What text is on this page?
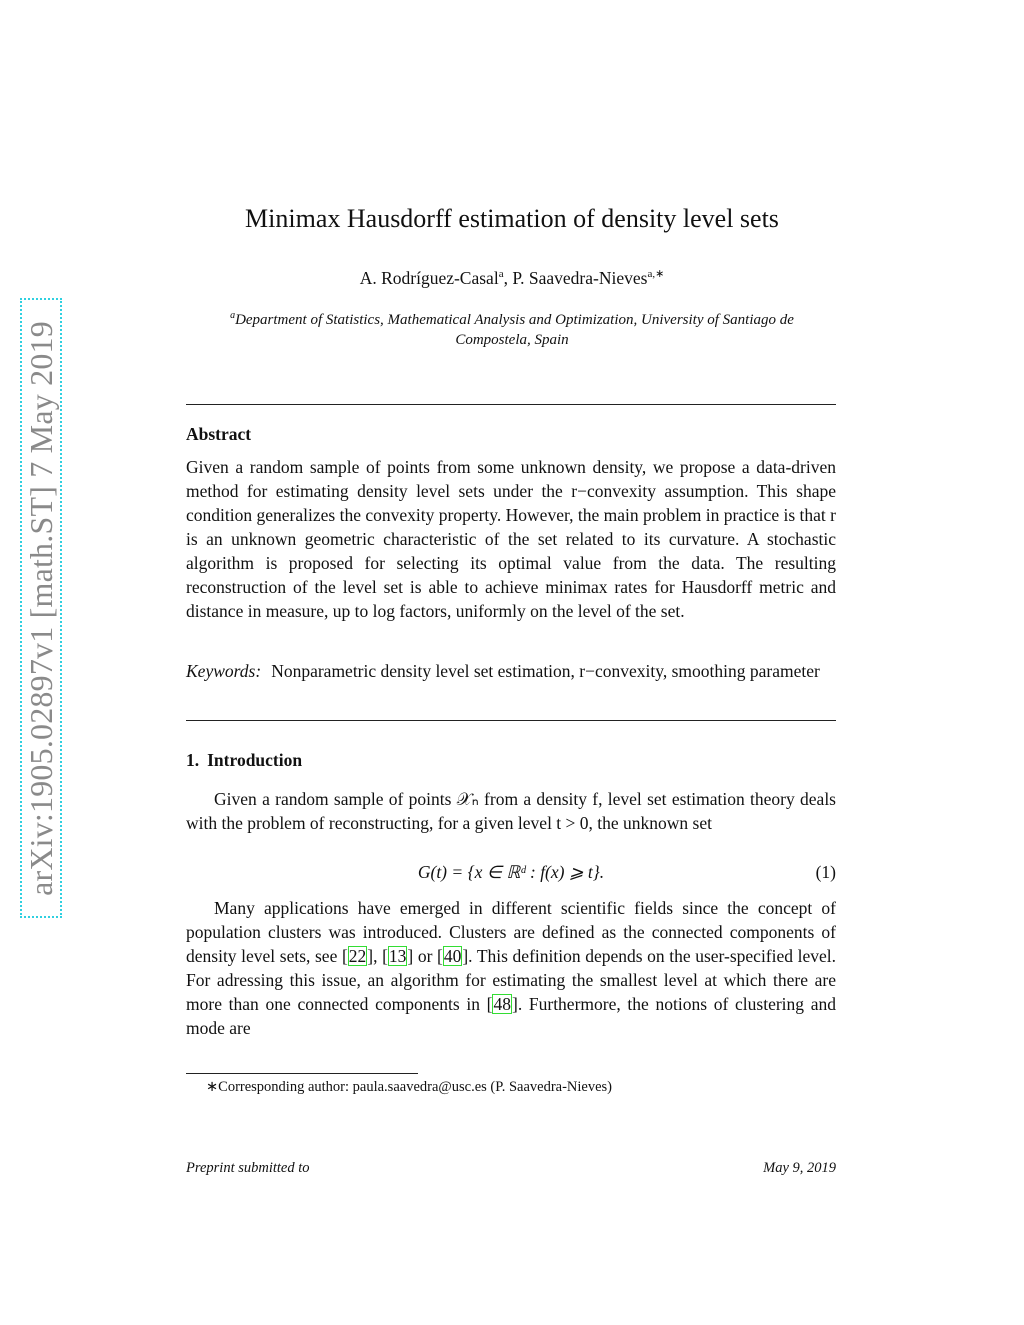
arXiv:1905.02897v1 [math.ST] 7 May 2019
Minimax Hausdorff estimation of density level sets
A. Rodríguez-Casal$^a$, P. Saavedra-Nieves$^{a,∗}$
$^a$Department of Statistics, Mathematical Analysis and Optimization, University of Santiago de Compostela, Spain
Abstract
Given a random sample of points from some unknown density, we propose a data-driven method for estimating density level sets under the r−convexity assumption. This shape condition generalizes the convexity property. However, the main problem in practice is that r is an unknown geometric characteristic of the set related to its curvature. A stochastic algorithm is proposed for selecting its optimal value from the data. The resulting reconstruction of the level set is able to achieve minimax rates for Hausdorff metric and distance in measure, up to log factors, uniformly on the level of the set.
Keywords: Nonparametric density level set estimation, r−convexity, smoothing parameter
1. Introduction
Given a random sample of points 𝒳ₙ from a density f, level set estimation theory deals with the problem of reconstructing, for a given level t > 0, the unknown set
G(t) = {x ∈ ℝᵈ : f(x) ⩾ t}.	(1)
Many applications have emerged in different scientific fields since the concept of population clusters was introduced. Clusters are defined as the connected components of density level sets, see [22], [13] or [40]. This definition depends on the user-specified level. For adressing this issue, an algorithm for estimating the smallest level at which there are more than one connected components in [48]. Furthermore, the notions of clustering and mode are
∗Corresponding author: paula.saavedra@usc.es (P. Saavedra-Nieves)
Preprint submitted to	May 9, 2019
